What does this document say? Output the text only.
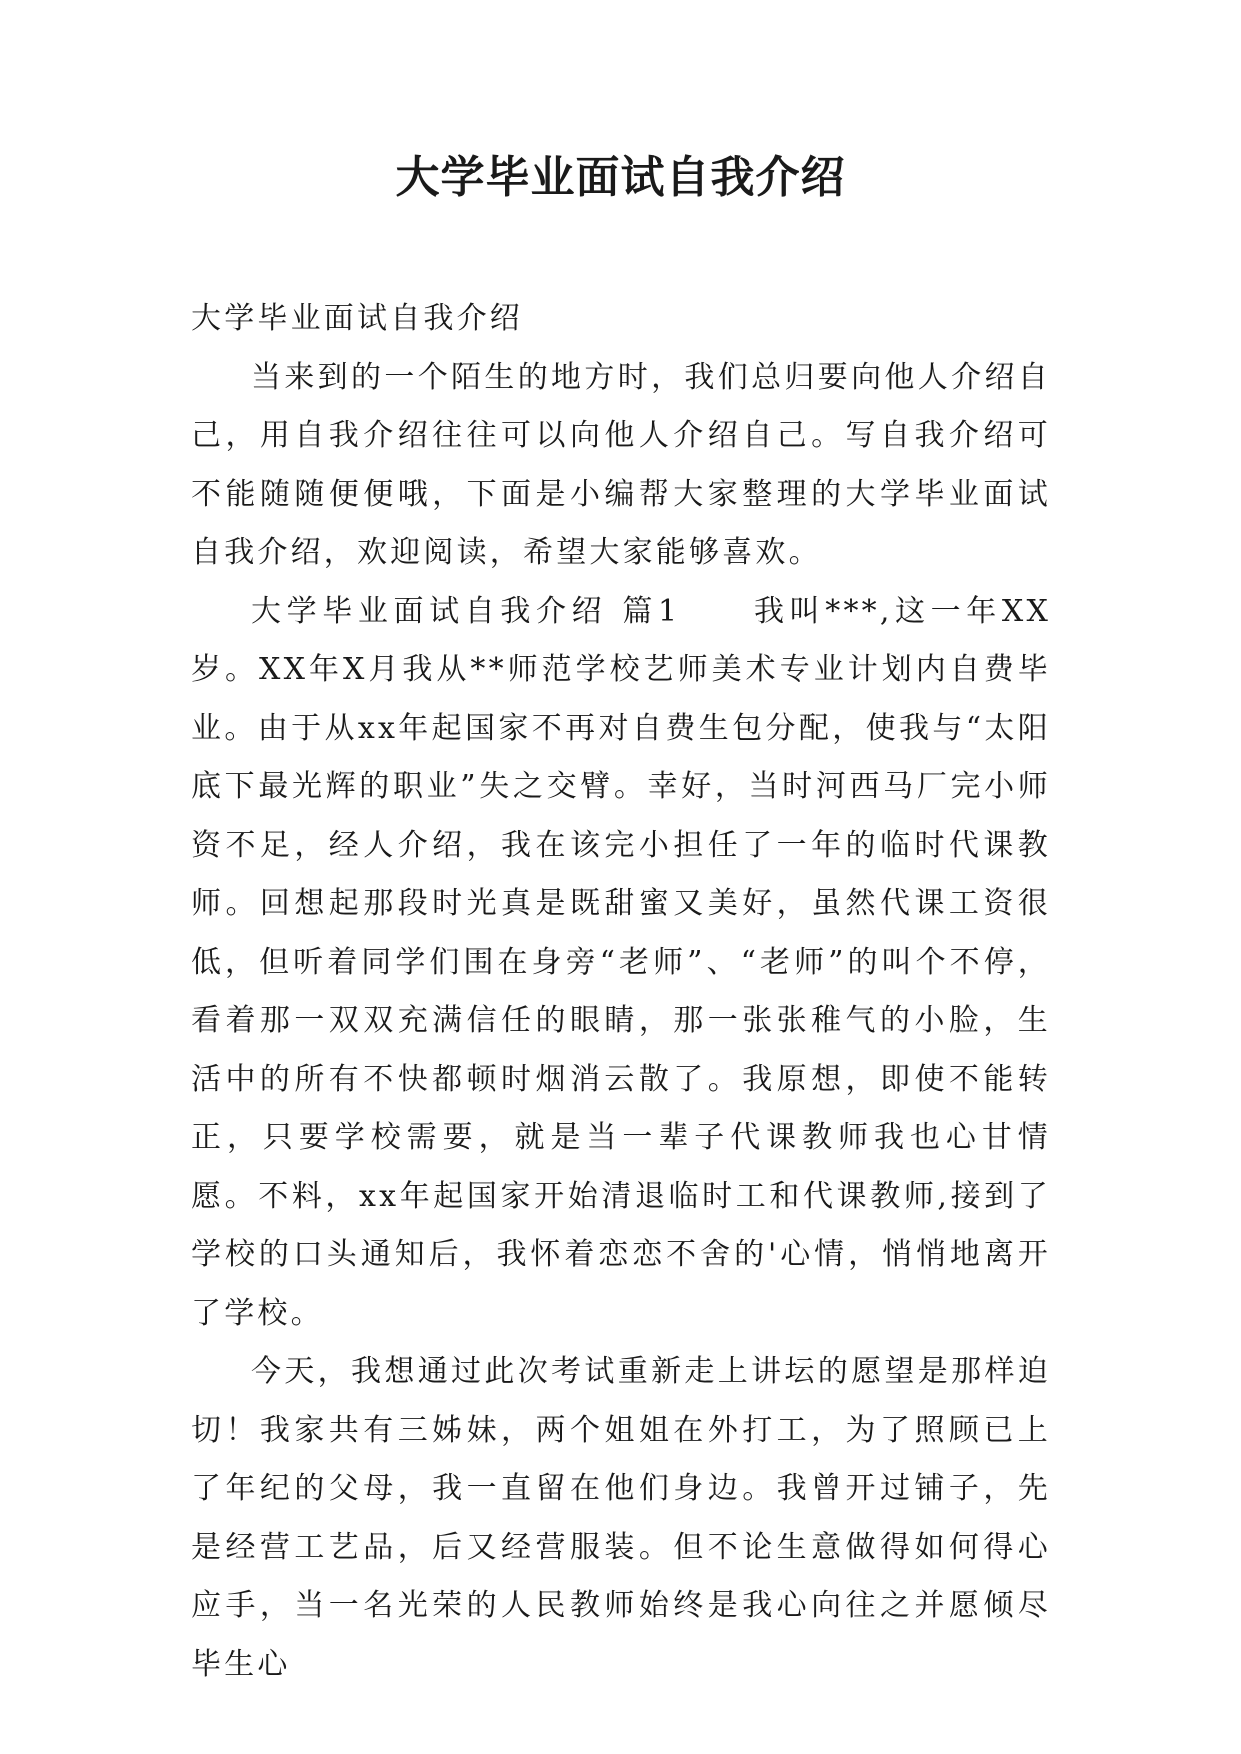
大学毕业面试自我介绍

大学毕业面试自我介绍

当来到的一个陌生的地方时，我们总归要向他人介绍自己，用自我介绍往往可以向他人介绍自己。写自我介绍可不能随随便便哦，下面是小编帮大家整理的大学毕业面试自我介绍，欢迎阅读，希望大家能够喜欢。

大学毕业面试自我介绍 篇1　　我叫***,这一年XX岁。XX年X月我从**师范学校艺师美术专业计划内自费毕业。由于从xx年起国家不再对自费生包分配，使我与“太阳底下最光辉的职业”失之交臂。幸好，当时河西马厂完小师资不足，经人介绍，我在该完小担任了一年的临时代课教师。回想起那段时光真是既甜蜜又美好，虽然代课工资很低，但听着同学们围在身旁“老师”、“老师”的叫个不停，看着那一双双充满信任的眼睛，那一张张稚气的小脸，生活中的所有不快都顿时烟消云散了。我原想，即使不能转正，只要学校需要，就是当一辈子代课教师我也心甘情愿。不料，xx年起国家开始清退临时工和代课教师,接到了学校的口头通知后，我怀着恋恋不舍的'心情，悄悄地离开了学校。

今天，我想通过此次考试重新走上讲坛的愿望是那样迫切！我家共有三姊妹，两个姐姐在外打工，为了照顾已上了年纪的父母，我一直留在他们身边。我曾开过铺子，先是经营工艺品，后又经营服装。但不论生意做得如何得心应手，当一名光荣的人民教师始终是我心向往之并愿倾尽毕生心
